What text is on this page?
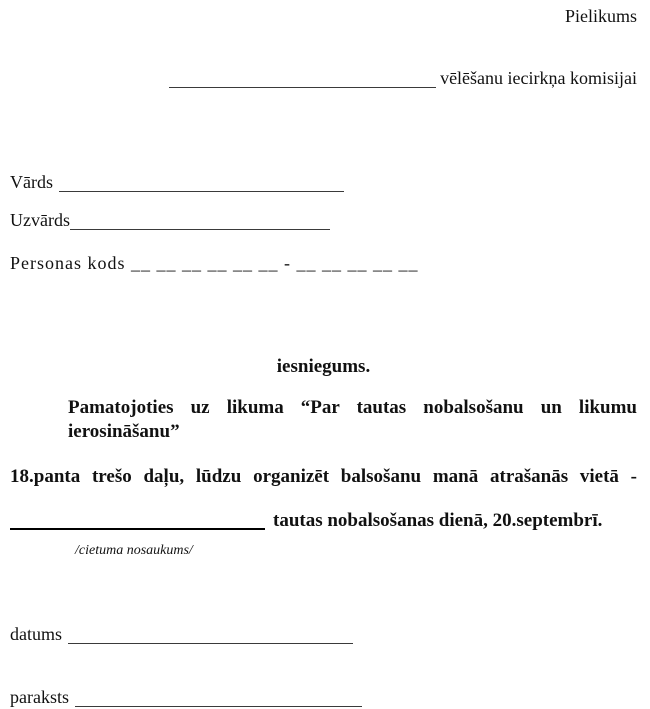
Pielikums
vēlēšanu iecirkņa komisijai
Vārds
Uzvārds
Personas kods __ __ __ __ __ __ - __ __ __ __ __
iesniegums.
Pamatojoties uz likuma “Par tautas nobalsošanu un likumu ierosināšanu”
18.panta trešo daļu, lūdzu organizēt balsošanu manā atrašanās vietā -
tautas nobalsošanas dienā, 20.septembrī.
/cietuma nosaukums/
datums
paraksts
